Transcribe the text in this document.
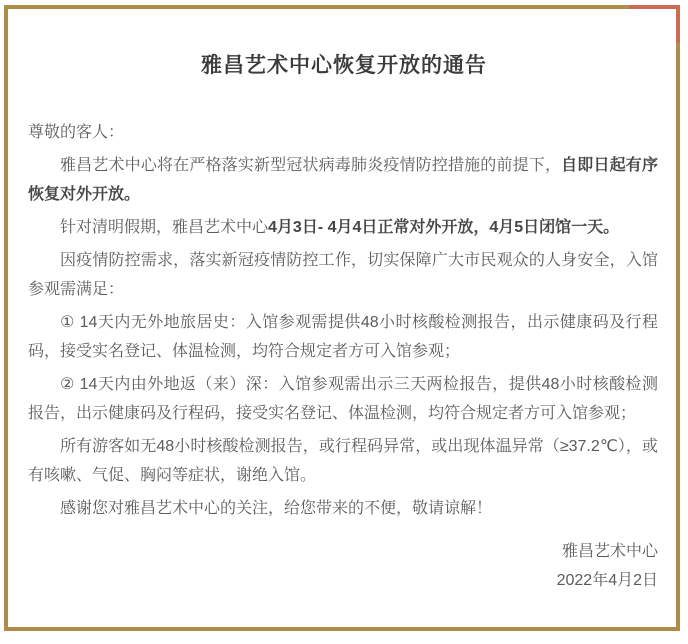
雅昌艺术中心恢复开放的通告

尊敬的客人：

雅昌艺术中心将在严格落实新型冠状病毒肺炎疫情防控措施的前提下，自即日起有序恢复对外开放。

针对清明假期，雅昌艺术中心4月3日- 4月4日正常对外开放，4月5日闭馆一天。

因疫情防控需求，落实新冠疫情防控工作，切实保障广大市民观众的人身安全，入馆参观需满足：

① 14天内无外地旅居史：入馆参观需提供48小时核酸检测报告，出示健康码及行程码，接受实名登记、体温检测，均符合规定者方可入馆参观；

② 14天内由外地返（来）深：入馆参观需出示三天两检报告，提供48小时核酸检测报告，出示健康码及行程码，接受实名登记、体温检测，均符合规定者方可入馆参观；

所有游客如无48小时核酸检测报告，或行程码异常，或出现体温异常（≥37.2℃），或有咳嗽、气促、胸闷等症状，谢绝入馆。

感谢您对雅昌艺术中心的关注，给您带来的不便，敬请谅解！

雅昌艺术中心
2022年4月2日
